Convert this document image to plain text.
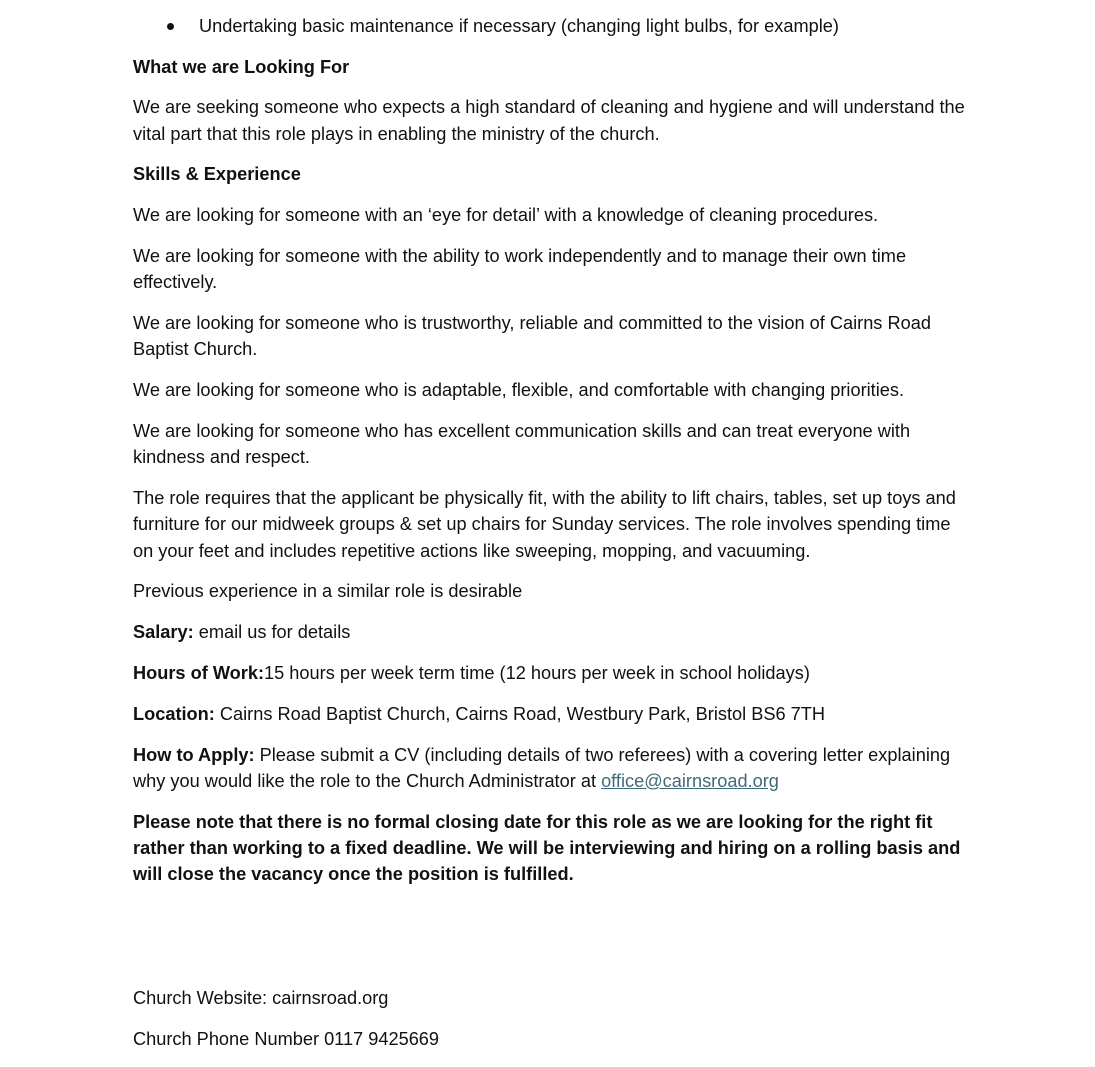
Undertaking basic maintenance if necessary (changing light bulbs, for example)

What we are Looking For

We are seeking someone who expects a high standard of cleaning and hygiene and will understand the vital part that this role plays in enabling the ministry of the church.

Skills & Experience

We are looking for someone with an ‘eye for detail’ with a knowledge of cleaning procedures.

We are looking for someone with the ability to work independently and to manage their own time effectively.

We are looking for someone who is trustworthy, reliable and committed to the vision of Cairns Road Baptist Church.

We are looking for someone who is adaptable, flexible, and comfortable with changing priorities.

We are looking for someone who has excellent communication skills and can treat everyone with kindness and respect.

The role requires that the applicant be physically fit, with the ability to lift chairs, tables, set up toys and furniture for our midweek groups & set up chairs for Sunday services. The role involves spending time on your feet and includes repetitive actions like sweeping, mopping, and vacuuming.

Previous experience in a similar role is desirable

Salary: email us for details

Hours of Work:15 hours per week term time (12 hours per week in school holidays)

Location: Cairns Road Baptist Church, Cairns Road, Westbury Park, Bristol BS6 7TH

How to Apply: Please submit a CV (including details of two referees) with a covering letter explaining why you would like the role to the Church Administrator at office@cairnsroad.org

Please note that there is no formal closing date for this role as we are looking for the right fit rather than working to a fixed deadline. We will be interviewing and hiring on a rolling basis and will close the vacancy once the position is fulfilled.

Church Website: cairnsroad.org

Church Phone Number 0117 9425669
